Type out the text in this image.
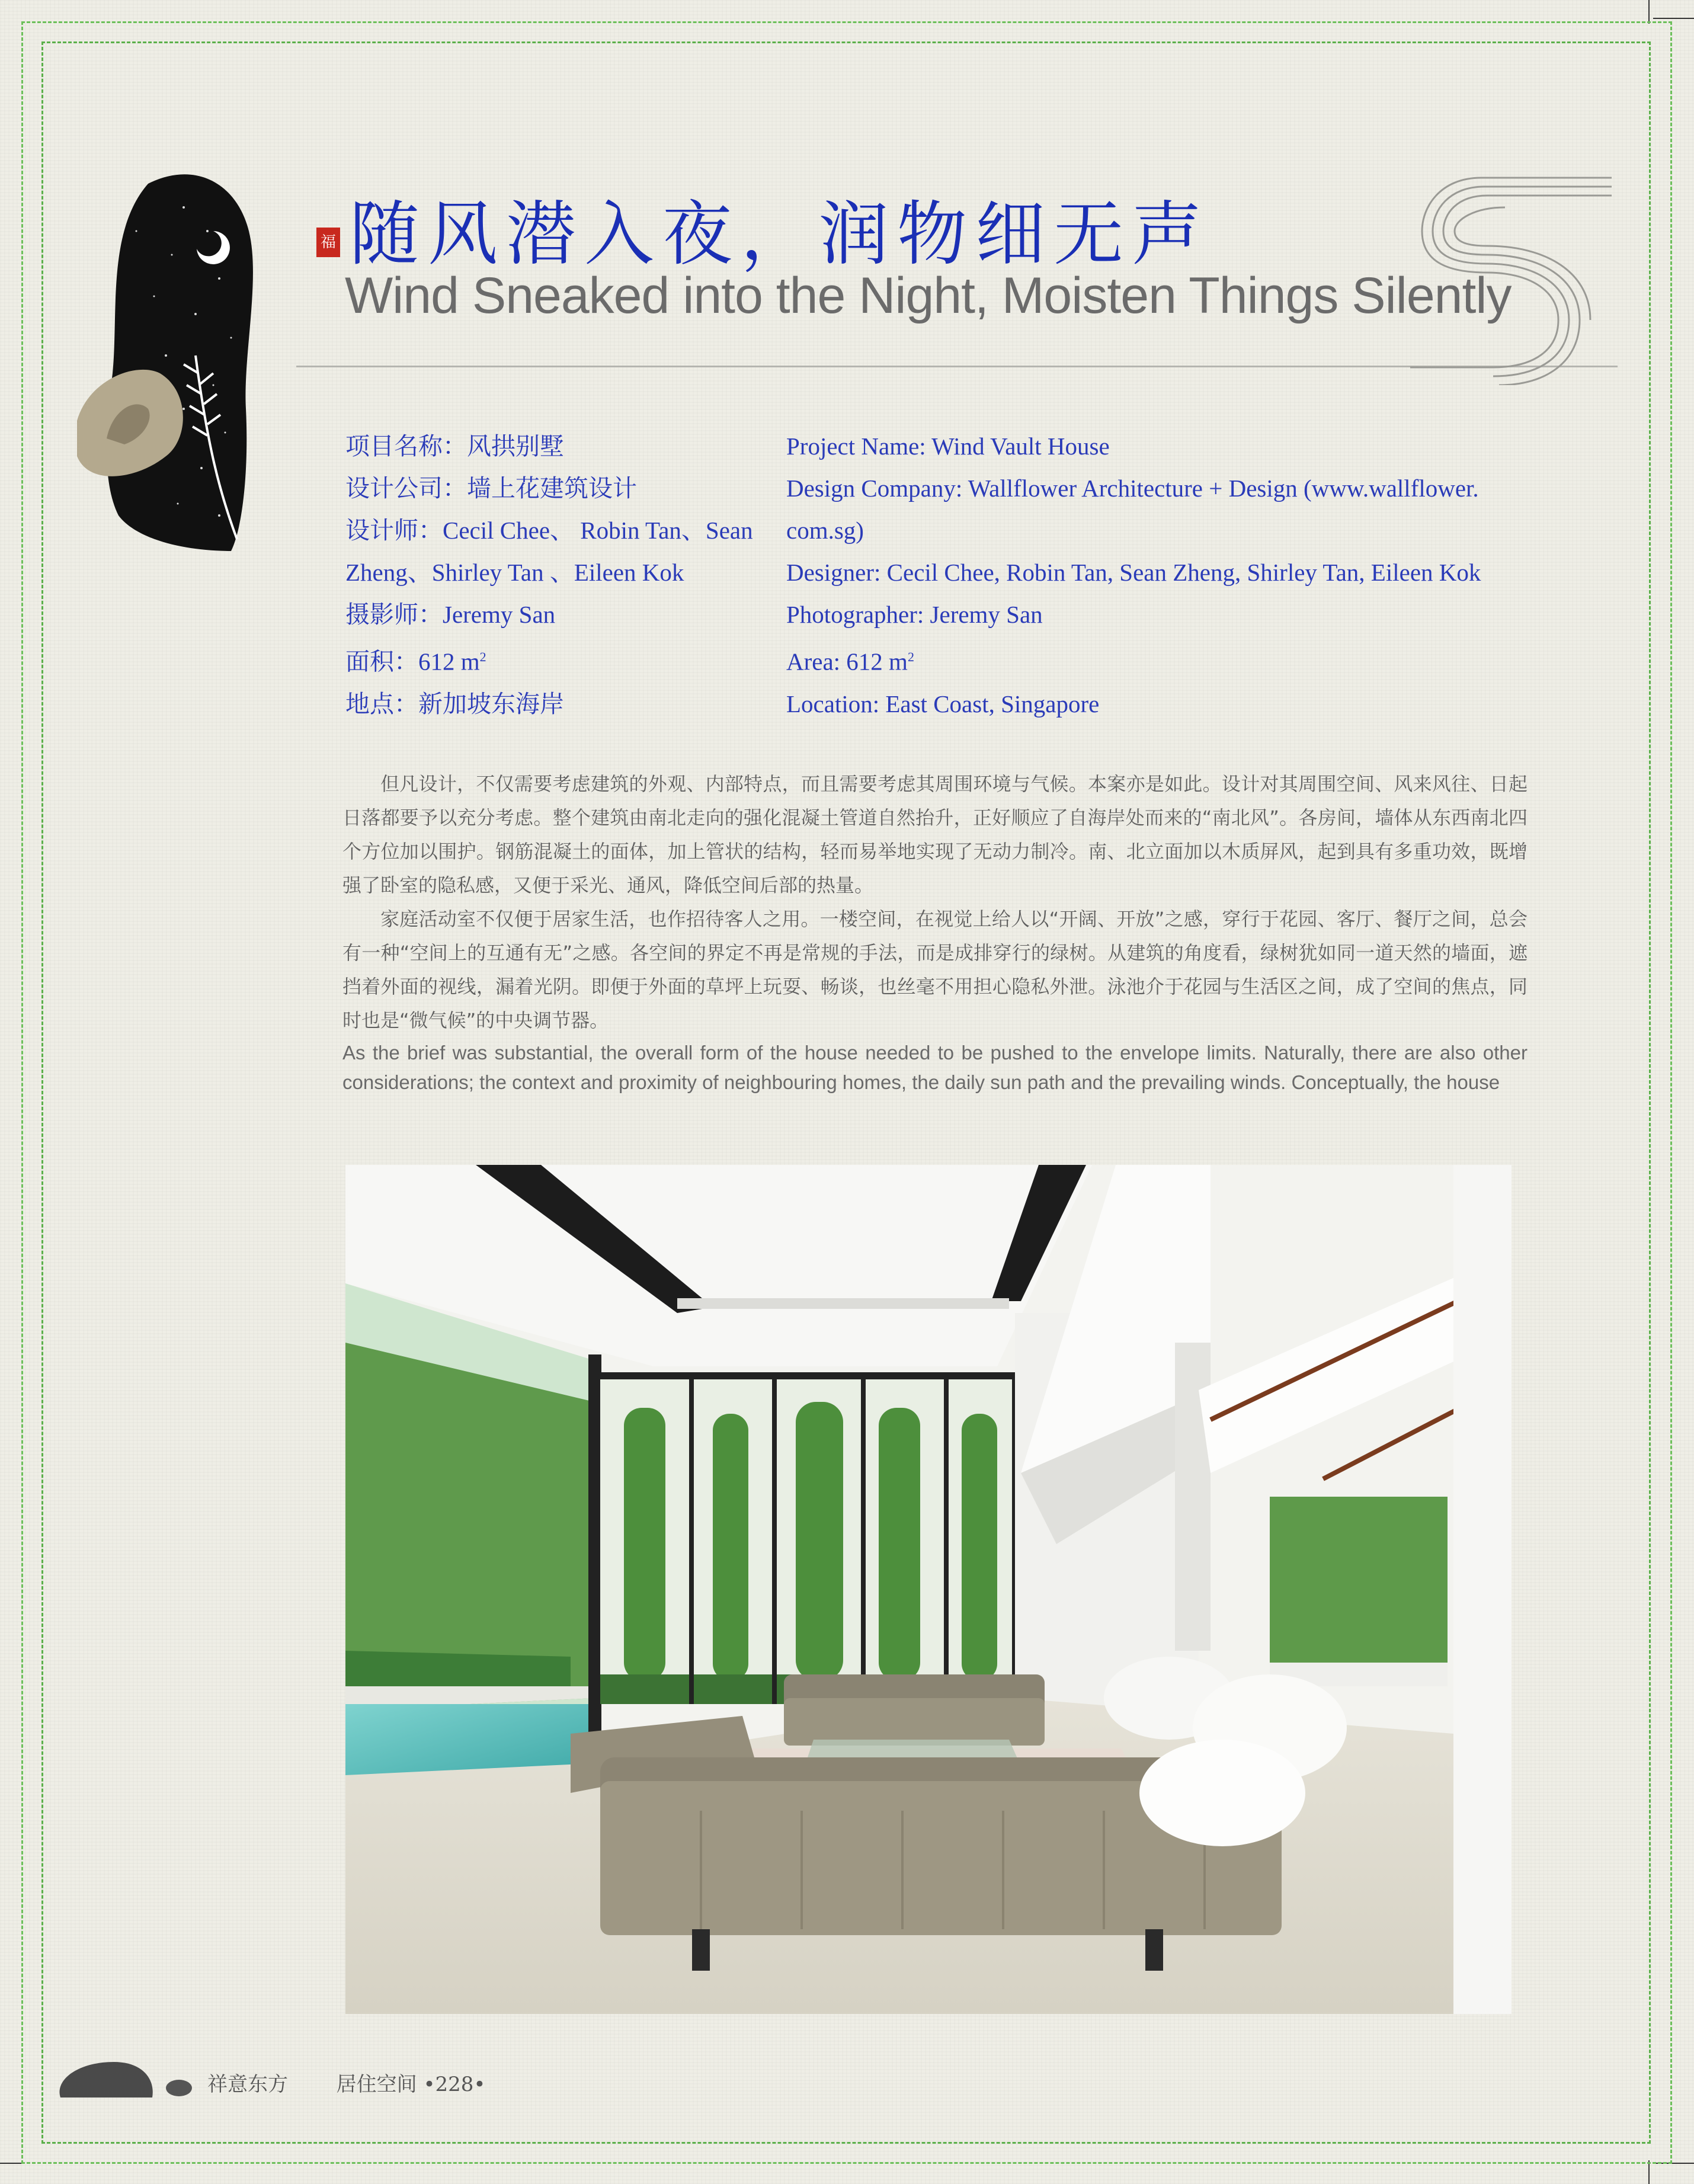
福 随风潜入夜，润物细无声
Wind Sneaked into the Night, Moisten Things Silently
项目名称：风拱别墅
设计公司：墙上花建筑设计
设计师：Cecil Chee、 Robin Tan、Sean
Zheng、Shirley Tan 、Eileen Kok
摄影师：Jeremy San
面积：612 $m^2$
地点：新加坡东海岸
Project Name: Wind Vault House
Design Company: Wallflower Architecture + Design (www.wallflower.
com.sg)
Designer: Cecil Chee, Robin Tan, Sean Zheng, Shirley Tan, Eileen Kok
Photographer: Jeremy San
Area: 612 $m^2$
Location: East Coast, Singapore

但凡设计，不仅需要考虑建筑的外观、内部特点，而且需要考虑其周围环境与气候。本案亦是如此。设计对其周围空间、风来风往、日起日落都要予以充分考虑。整个建筑由南北走向的强化混凝土管道自然抬升，正好顺应了自海岸处而来的“南北风”。各房间，墙体从东西南北四个方位加以围护。钢筋混凝土的面体，加上管状的结构，轻而易举地实现了无动力制冷。南、北立面加以木质屏风，起到具有多重功效，既增强了卧室的隐私感，又便于采光、通风，降低空间后部的热量。

家庭活动室不仅便于居家生活，也作招待客人之用。一楼空间，在视觉上给人以“开阔、开放”之感，穿行于花园、客厅、餐厅之间，总会有一种“空间上的互通有无”之感。各空间的界定不再是常规的手法，而是成排穿行的绿树。从建筑的角度看，绿树犹如同一道天然的墙面，遮挡着外面的视线，漏着光阴。即便于外面的草坪上玩耍、畅谈，也丝毫不用担心隐私外泄。泳池介于花园与生活区之间，成了空间的焦点，同时也是“微气候”的中央调节器。

As the brief was substantial, the overall form of the house needed to be pushed to the envelope limits. Naturally, there are also other considerations; the context and proximity of neighbouring homes, the daily sun path and the prevailing winds. Conceptually, the house
祥意东方 居住空间 •228•
